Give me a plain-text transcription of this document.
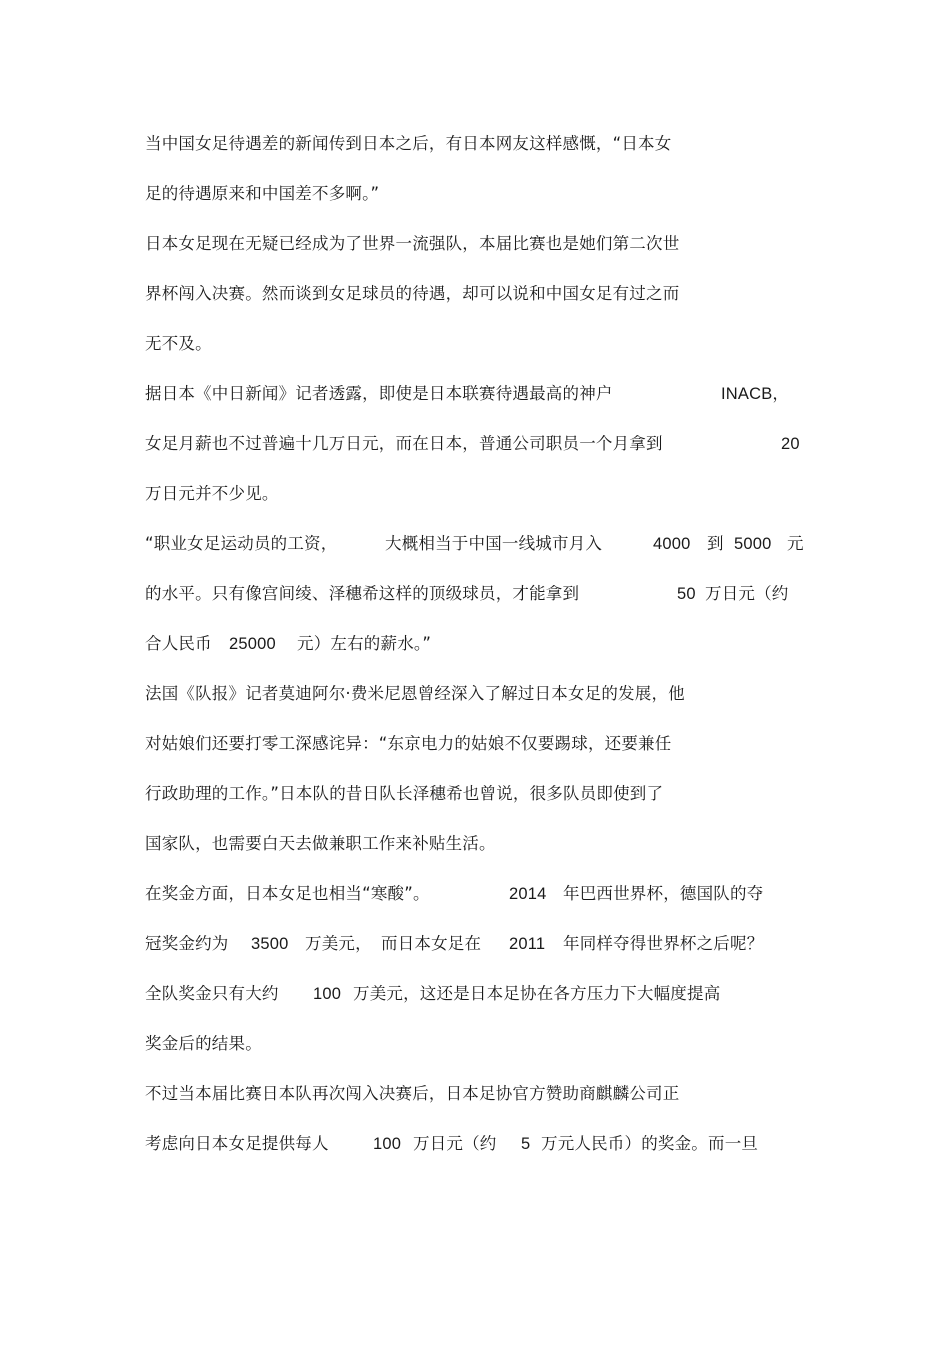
当中国女足待遇差的新闻传到日本之后，有日本网友这样感慨，“日本女
足的待遇原来和中国差不多啊。”
日本女足现在无疑已经成为了世界一流强队，本届比赛也是她们第二次世
界杯闯入决赛。然而谈到女足球员的待遇，却可以说和中国女足有过之而
无不及。
据日本《中日新闻》记者透露，即使是日本联赛待遇最高的神户	INACB，
女足月薪也不过普遍十几万日元，而在日本，普通公司职员一个月拿到	20
万日元并不少见。
“职业女足运动员的工资，	大概相当于中国一线城市月入	4000 到 5000 元
的水平。只有像宫间绫、泽穗希这样的顶级球员，才能拿到	50 万日元（约
合人民币 25000 元）左右的薪水。”
法国《队报》记者莫迪阿尔·费米尼恩曾经深入了解过日本女足的发展，他
对姑娘们还要打零工深感诧异：“东京电力的姑娘不仅要踢球，还要兼任
行政助理的工作。”日本队的昔日队长泽穗希也曾说，很多队员即使到了
国家队，也需要白天去做兼职工作来补贴生活。
在奖金方面，日本女足也相当“寒酸”。	2014 年巴西世界杯，德国队的夺
冠奖金约为 3500 万美元， 而日本女足在 2011 年同样夺得世界杯之后呢？
全队奖金只有大约 100 万美元，这还是日本足协在各方压力下大幅度提高
奖金后的结果。
不过当本届比赛日本队再次闯入决赛后，日本足协官方赞助商麒麟公司正
考虑向日本女足提供每人	100 万日元（约 5 万元人民币）的奖金。而一旦
